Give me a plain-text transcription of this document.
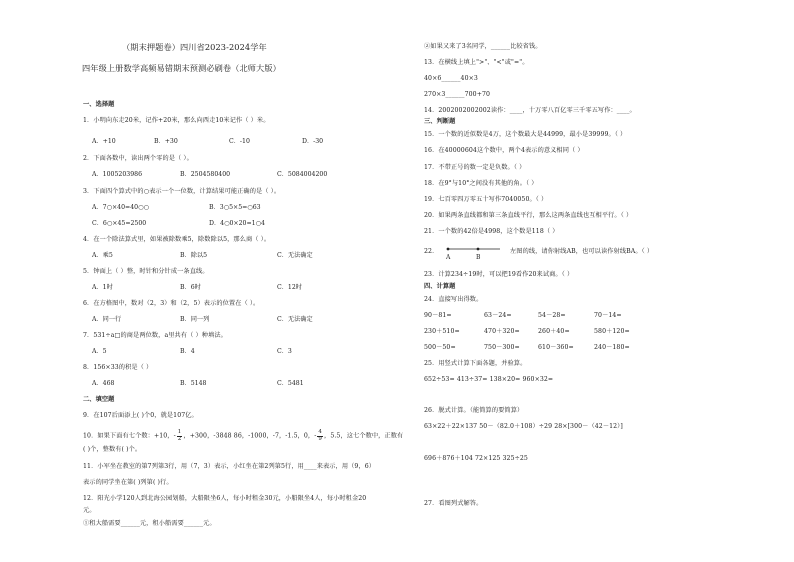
（期末押题卷）四川省2023-2024学年
四年级上册数学高频易错期末预测必刷卷（北师大版）
一、选择题
1．小明向东走20米，记作+20米，那么向西走10米记作（ ）米。
A．+10	B．+30	C．-10	D．-30
2．下面各数中，读出两个零的是（ ）。
A．1005203986	B．2504580400	C．5084004200
3．下面四个算式中的○表示一个一位数，计算结果可能正确的是（ ）。
A．7○×40=40○○	B．3○5×5=○63
C．6○×45=2500	D．4○0×20=1○4
4．在一个除法算式里，如果被除数乘5，除数除以5，那么商（ ）。
A．乘5	B．除以5	C．无法确定
5．钟面上（ ）整，时针和分针成一条直线。
A．1时	B．6时	C．12时
6．在方格图中，数对（2，3）和（2，5）表示的位置在（ ）。
A．同一行	B．同一列	C．无法确定
7．531÷a□的商是两位数，a里共有（ ）种填法。
A．5	B．4	C．3
8．156×33的积是（ ）
A．468	B．5148	C．5481
二、填空题
9．在107后面添上( )个0，就是107亿。
10．如果下面有七个数：+10，- $\frac{1}{2}$ ，+300，-3848 86，-1000，-7，-1.5，0，- $\frac{4}{9}$ ，5.5，这七个数中，正数有
( )个，整数有( )个。
11．小军坐在教室的第7列第3行，用（7，3）表示，小红坐在第2列第5行，用____来表示，用（9，6）
表示的同学坐在第( )列第( )行。
12．阳光小学120人到北海公园划船，大船限坐6人，每小时租金30元，小船限坐4人，每小时租金20
元。
①租大船需要______元，租小船需要______元。
②如果又来了3名同学，______比较省钱。
13．在横线上填上">"、"<"或"="。
40×6______40×3
270×3______700+70
14．2002002002002读作：____，十万零八百亿零三千零五写作：____。
三、判断题
15．一个数的近似数是4万，这个数最大是44999，最小是39999。（ ）
16．在40000604这个数中，两个4表示的意义相同（ ）
17．不带正号的数一定是负数。（ ）
18．在9°与10°之间没有其他的角。（ ）
19．七百零四万零五十写作7040050。（ ）
20．如果两条直线都和第三条直线平行，那么这两条直线也互相平行。（ ）
21．一个数的42倍是4998，这个数是118（ ）
22．
A	B
左图的线，请你射线AB，也可以读作射线BA。（ ）
23．计算234÷19时，可以把19看作20来试商。（ ）
四、计算题
24．直接写出得数。
90－81=	63－24=	54－28=	70－14=
230＋510=	470＋320=	260＋40=	580＋120=
500－50=	750－300=	610－360=	240－180=
25．用竖式计算下面各题，并验算。
652÷53= 413÷37= 138×20= 960×32=
26．脱式计算。（能简算的要简算）
63×22＋22×137 50－（82.0＋108）÷29 28×[300－（42－12）]
696＋876＋104 72×125 325÷25
27．看图列式解答。
